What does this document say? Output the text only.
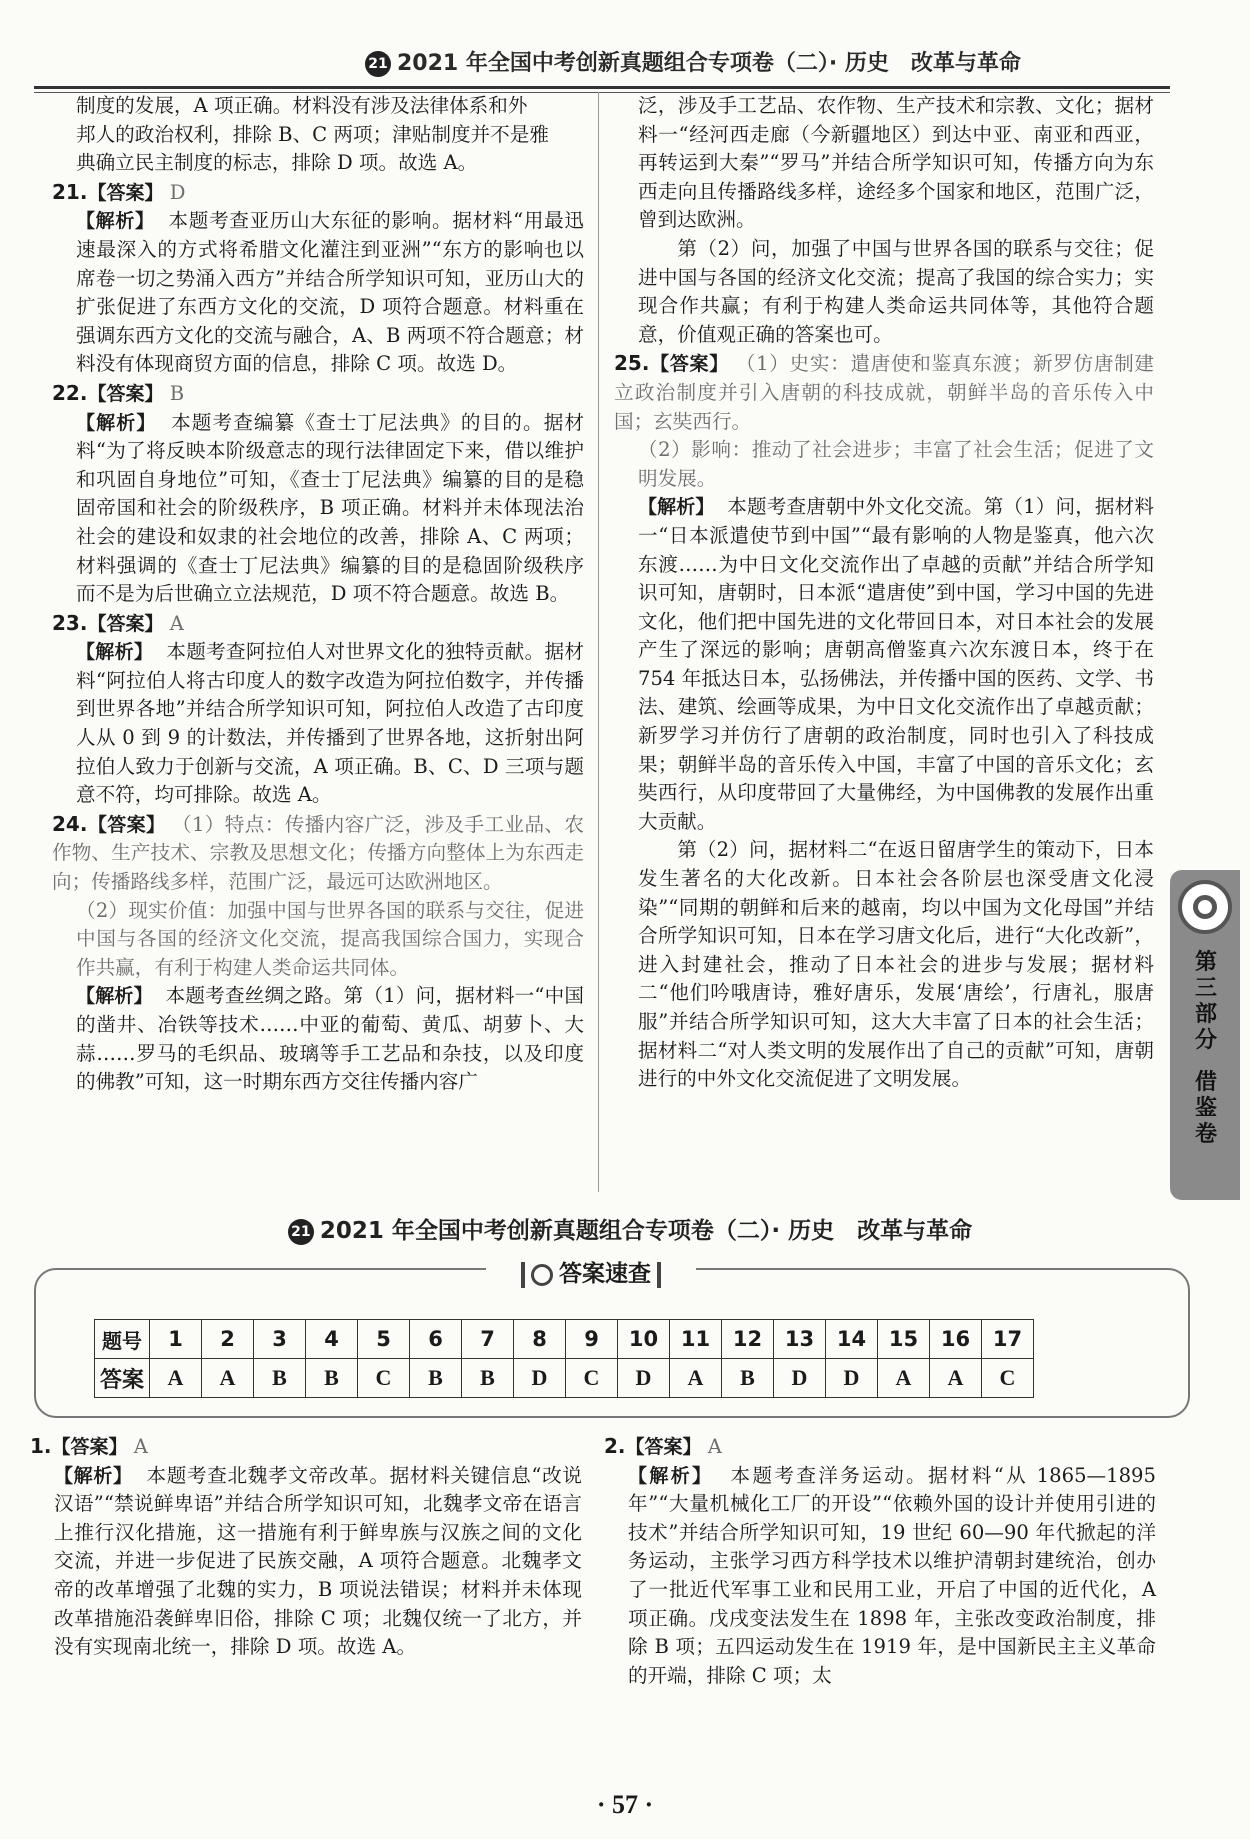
21 2021 年全国中考创新真题组合专项卷（二）· 历史　改革与革命

制度的发展，A 项正确。材料没有涉及法律体系和外

邦人的政治权利，排除 B、C 两项；津贴制度并不是雅

典确立民主制度的标志，排除 D 项。故选 A。

21.【答案】 D

【解析】 本题考查亚历山大东征的影响。据材料“用最迅速最深入的方式将希腊文化灌注到亚洲”“东方的影响也以席卷一切之势涌入西方”并结合所学知识可知，亚历山大的扩张促进了东西方文化的交流，D 项符合题意。材料重在强调东西方文化的交流与融合，A、B 两项不符合题意；材料没有体现商贸方面的信息，排除 C 项。故选 D。

22.【答案】 B

【解析】 本题考查编纂《查士丁尼法典》的目的。据材料“为了将反映本阶级意志的现行法律固定下来，借以维护和巩固自身地位”可知，《查士丁尼法典》编纂的目的是稳固帝国和社会的阶级秩序，B 项正确。材料并未体现法治社会的建设和奴隶的社会地位的改善，排除 A、C 两项；材料强调的《查士丁尼法典》编纂的目的是稳固阶级秩序而不是为后世确立立法规范，D 项不符合题意。故选 B。

23.【答案】 A

【解析】 本题考查阿拉伯人对世界文化的独特贡献。据材料“阿拉伯人将古印度人的数字改造为阿拉伯数字，并传播到世界各地”并结合所学知识可知，阿拉伯人改造了古印度人从 0 到 9 的计数法，并传播到了世界各地，这折射出阿拉伯人致力于创新与交流，A 项正确。B、C、D 三项与题意不符，均可排除。故选 A。

24.【答案】 （1）特点：传播内容广泛，涉及手工业品、农作物、生产技术、宗教及思想文化；传播方向整体上为东西走向；传播路线多样，范围广泛，最远可达欧洲地区。

（2）现实价值：加强中国与世界各国的联系与交往，促进中国与各国的经济文化交流，提高我国综合国力，实现合作共赢，有利于构建人类命运共同体。

【解析】 本题考查丝绸之路。第（1）问，据材料一“中国的凿井、冶铁等技术……中亚的葡萄、黄瓜、胡萝卜、大蒜……罗马的毛织品、玻璃等手工艺品和杂技，以及印度的佛教”可知，这一时期东西方交往传播内容广

泛，涉及手工艺品、农作物、生产技术和宗教、文化；据材料一“经河西走廊（今新疆地区）到达中亚、南亚和西亚，再转运到大秦”“罗马”并结合所学知识可知，传播方向为东西走向且传播路线多样，途经多个国家和地区，范围广泛，曾到达欧洲。

第（2）问，加强了中国与世界各国的联系与交往；促进中国与各国的经济文化交流；提高了我国的综合实力；实现合作共赢；有利于构建人类命运共同体等，其他符合题意，价值观正确的答案也可。

25.【答案】 （1）史实：遣唐使和鉴真东渡；新罗仿唐制建立政治制度并引入唐朝的科技成就，朝鲜半岛的音乐传入中国；玄奘西行。

（2）影响：推动了社会进步；丰富了社会生活；促进了文明发展。

【解析】 本题考查唐朝中外文化交流。第（1）问，据材料一“日本派遣使节到中国”“最有影响的人物是鉴真，他六次东渡……为中日文化交流作出了卓越的贡献”并结合所学知识可知，唐朝时，日本派“遣唐使”到中国，学习中国的先进文化，他们把中国先进的文化带回日本，对日本社会的发展产生了深远的影响；唐朝高僧鉴真六次东渡日本，终于在 754 年抵达日本，弘扬佛法，并传播中国的医药、文学、书法、建筑、绘画等成果，为中日文化交流作出了卓越贡献；新罗学习并仿行了唐朝的政治制度，同时也引入了科技成果；朝鲜半岛的音乐传入中国，丰富了中国的音乐文化；玄奘西行，从印度带回了大量佛经，为中国佛教的发展作出重大贡献。

第（2）问，据材料二“在返日留唐学生的策动下，日本发生著名的大化改新。日本社会各阶层也深受唐文化浸染”“同期的朝鲜和后来的越南，均以中国为文化母国”并结合所学知识可知，日本在学习唐文化后，进行“大化改新”，进入封建社会，推动了日本社会的进步与发展；据材料二“他们吟哦唐诗，雅好唐乐，发展‘唐绘’，行唐礼，服唐服”并结合所学知识可知，这大大丰富了日本的社会生活；据材料二“对人类文明的发展作出了自己的贡献”可知，唐朝进行的中外文化交流促进了文明发展。

第
三
部
分
借
鉴
卷
21 2021 年全国中考创新真题组合专项卷（二）· 历史　改革与革命
答案速查
题号	1	2	3	4	5	6	7	8	9	10	11	12	13	14	15	16	17
答案	A	A	B	B	C	B	B	D	C	D	A	B	D	D	A	A	C

1.【答案】 A

【解析】 本题考查北魏孝文帝改革。据材料关键信息“改说汉语”“禁说鲜卑语”并结合所学知识可知，北魏孝文帝在语言上推行汉化措施，这一措施有利于鲜卑族与汉族之间的文化交流，并进一步促进了民族交融，A 项符合题意。北魏孝文帝的改革增强了北魏的实力，B 项说法错误；材料并未体现改革措施沿袭鲜卑旧俗，排除 C 项；北魏仅统一了北方，并没有实现南北统一，排除 D 项。故选 A。

2.【答案】 A

【解析】 本题考查洋务运动。据材料“从 1865—1895 年”“大量机械化工厂的开设”“依赖外国的设计并使用引进的技术”并结合所学知识可知，19 世纪 60—90 年代掀起的洋务运动，主张学习西方科学技术以维护清朝封建统治，创办了一批近代军事工业和民用工业，开启了中国的近代化，A 项正确。戊戌变法发生在 1898 年，主张改变政治制度，排除 B 项；五四运动发生在 1919 年，是中国新民主主义革命的开端，排除 C 项；太

· 57 ·
